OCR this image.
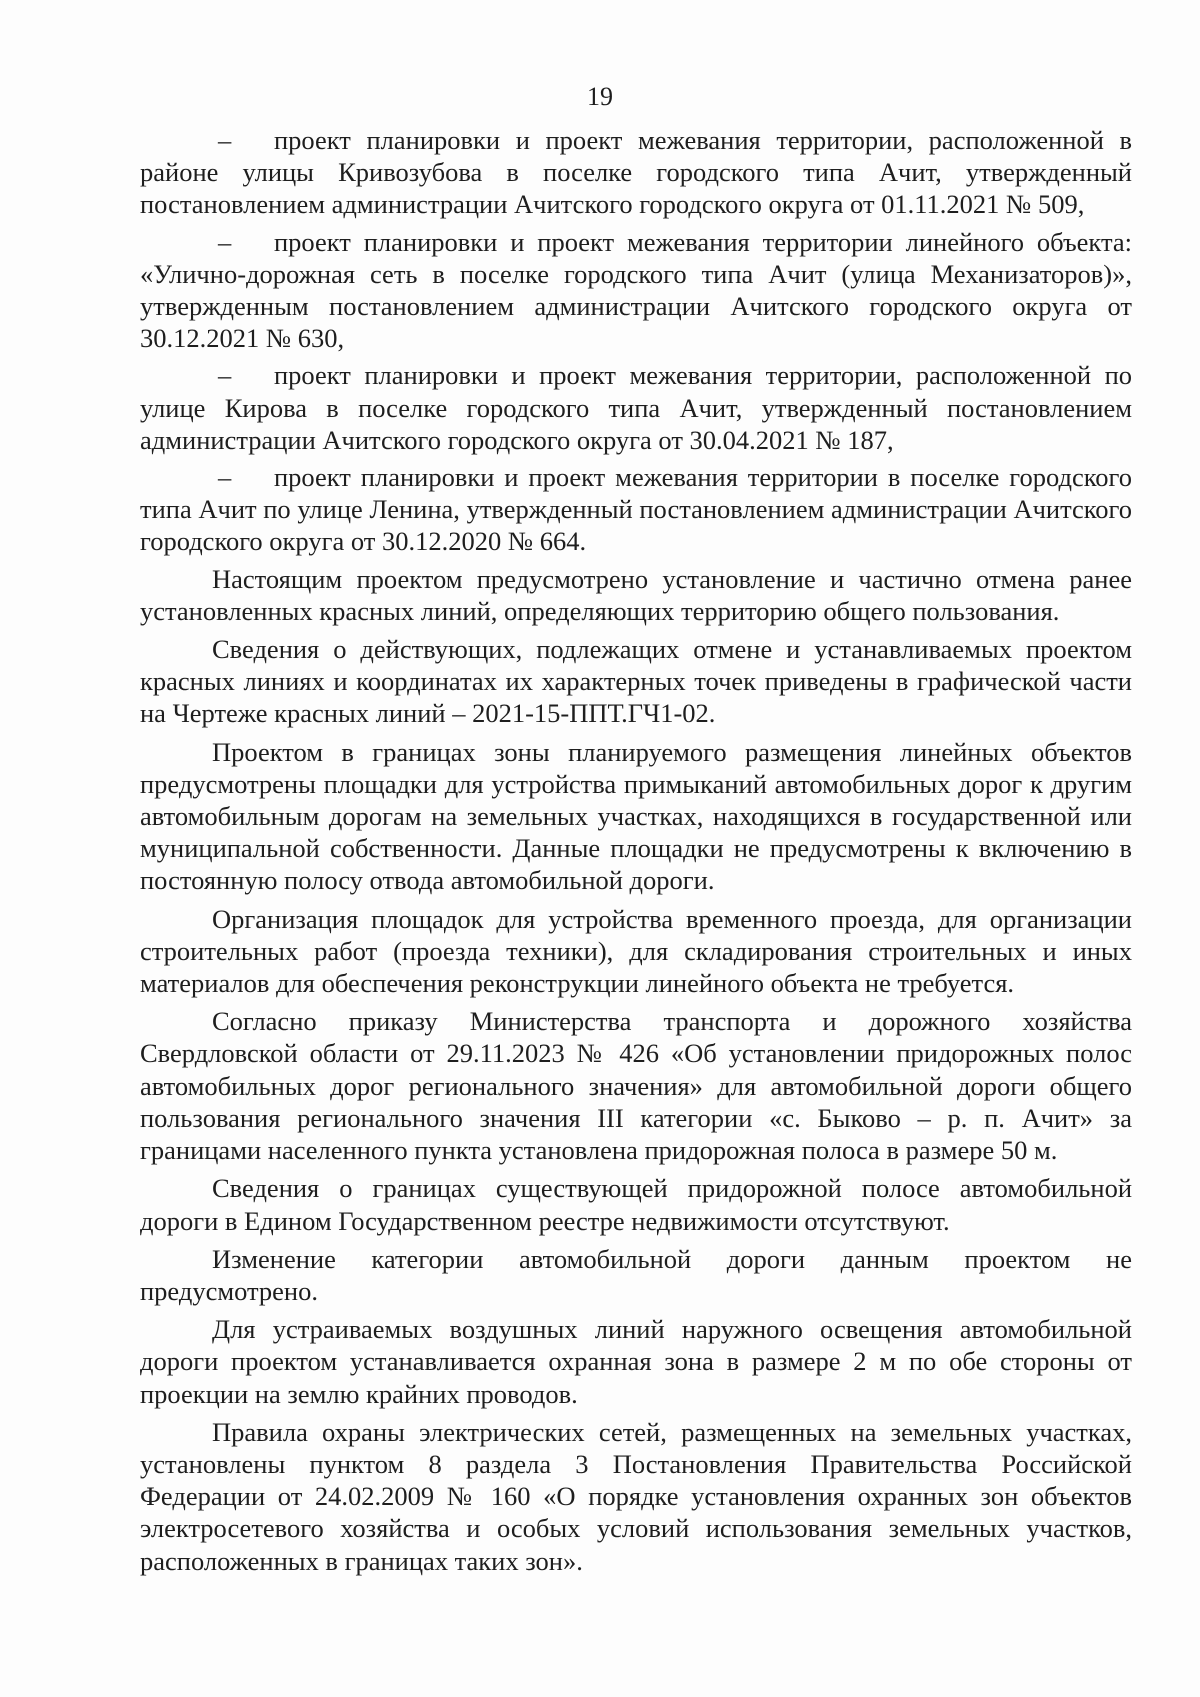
19

– проект планировки и проект межевания территории, расположенной в районе улицы Кривозубова в поселке городского типа Ачит, утвержденный постановлением администрации Ачитского городского округа от 01.11.2021 № 509,

– проект планировки и проект межевания территории линейного объекта: «Улично-дорожная сеть в поселке городского типа Ачит (улица Механизаторов)», утвержденным постановлением администрации Ачитского городского округа от 30.12.2021 № 630,

– проект планировки и проект межевания территории, расположенной по улице Кирова в поселке городского типа Ачит, утвержденный постановлением администрации Ачитского городского округа от 30.04.2021 № 187,

– проект планировки и проект межевания территории в поселке городского типа Ачит по улице Ленина, утвержденный постановлением администрации Ачитского городского округа от 30.12.2020 № 664.

Настоящим проектом предусмотрено установление и частично отмена ранее установленных красных линий, определяющих территорию общего пользования.

Сведения о действующих, подлежащих отмене и устанавливаемых проектом красных линиях и координатах их характерных точек приведены в графической части на Чертеже красных линий – 2021-15-ППТ.ГЧ1-02.

Проектом в границах зоны планируемого размещения линейных объектов предусмотрены площадки для устройства примыканий автомобильных дорог к другим автомобильным дорогам на земельных участках, находящихся в государственной или муниципальной собственности. Данные площадки не предусмотрены к включению в постоянную полосу отвода автомобильной дороги.

Организация площадок для устройства временного проезда, для организации строительных работ (проезда техники), для складирования строительных и иных материалов для обеспечения реконструкции линейного объекта не требуется.

Согласно приказу Министерства транспорта и дорожного хозяйства Свердловской области от 29.11.2023 № 426 «Об установлении придорожных полос автомобильных дорог регионального значения» для автомобильной дороги общего пользования регионального значения III категории «с. Быково – р. п. Ачит» за границами населенного пункта установлена придорожная полоса в размере 50 м.

Сведения о границах существующей придорожной полосе автомобильной дороги в Едином Государственном реестре недвижимости отсутствуют.

Изменение категории автомобильной дороги данным проектом не предусмотрено.

Для устраиваемых воздушных линий наружного освещения автомобильной дороги проектом устанавливается охранная зона в размере 2 м по обе стороны от проекции на землю крайних проводов.

Правила охраны электрических сетей, размещенных на земельных участках, установлены пунктом 8 раздела 3 Постановления Правительства Российской Федерации от 24.02.2009 № 160 «О порядке установления охранных зон объектов электросетевого хозяйства и особых условий использования земельных участков, расположенных в границах таких зон».
